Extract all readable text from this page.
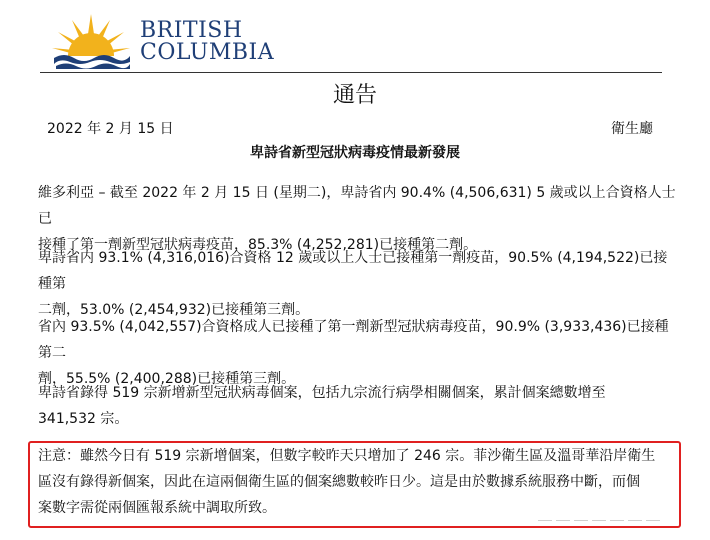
BRITISH
COLUMBIA
通告
2022 年 2 月 15 日	衛生廳
卑詩省新型冠狀病毒疫情最新發展
維多利亞 – 截至 2022 年 2 月 15 日 (星期二)，卑詩省内 90.4% (4,506,631) 5 歲或以上合資格人士已
接種了第一劑新型冠狀病毒疫苗，85.3% (4,252,281)已接種第二劑。
卑詩省内 93.1% (4,316,016)合資格 12 歲或以上人士已接種第一劑疫苗，90.5% (4,194,522)已接種第
二劑，53.0% (2,454,932)已接種第三劑。
省內 93.5% (4,042,557)合資格成人已接種了第一劑新型冠狀病毒疫苗，90.9% (3,933,436)已接種第二
劑，55.5% (2,400,288)已接種第三劑。
卑詩省錄得 519 宗新增新型冠狀病毒個案，包括九宗流行病學相關個案，累計個案總數增至
341,532 宗。
注意：雖然今日有 519 宗新增個案，但數字較昨天只增加了 246 宗。菲沙衛生區及溫哥華沿岸衛生
區沒有錄得新個案，因此在這兩個衛生區的個案總數較昨日少。這是由於數據系統服務中斷，而個
案數字需從兩個匯報系統中調取所致。
